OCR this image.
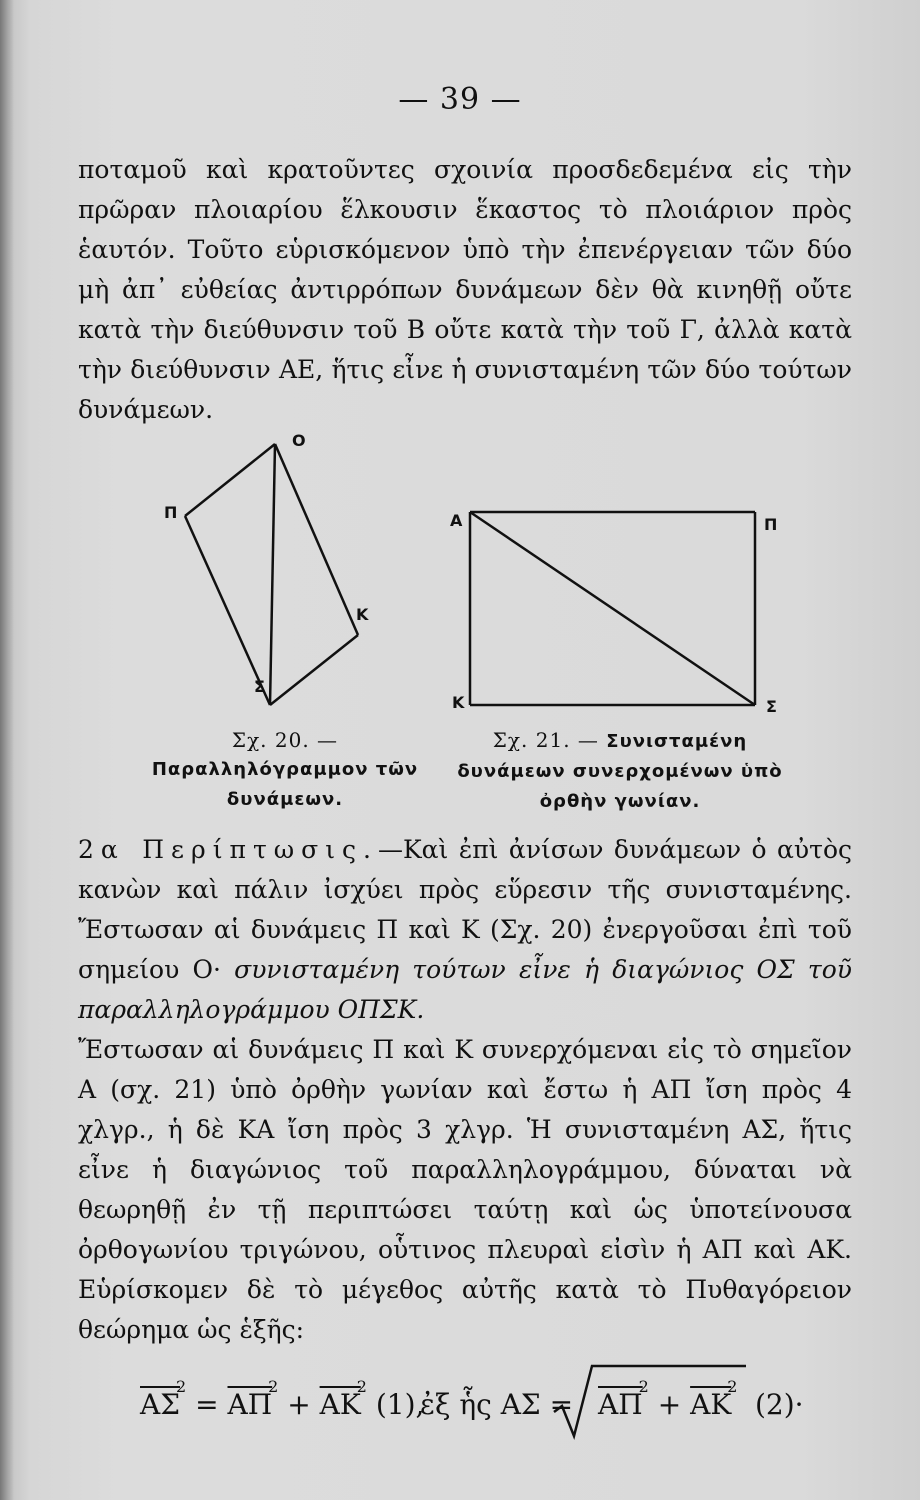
— 39 —
ποταμοῦ καὶ κρατοῦντες σχοινία προσδεδεμένα εἰς τὴν πρῶραν πλοιαρίου ἕλκουσιν ἕκαστος τὸ πλοιάριον πρὸς ἑαυτόν. Τοῦτο εὑρισκόμενον ὑπὸ τὴν ἐπενέργειαν τῶν δύο μὴ ἀπ᾽ εὐθείας ἀντιρρόπων δυνάμεων δὲν θὰ κινηθῇ οὔτε κατὰ τὴν διεύθυνσιν τοῦ Β οὔτε κατὰ τὴν τοῦ Γ, ἀλλὰ κατὰ τὴν διεύθυνσιν ΑΕ, ἥτις εἶνε ἡ συνισταμένη τῶν δύο τούτων δυνάμεων.
O
Π
Κ
Σ
Α	Π
Κ	Σ
Σχ. 20. — Παραλληλόγραμμον τῶν δυνάμεων.
Σχ. 21. — Συνισταμένη δυνάμεων συνερχομένων ὑπὸ ὀρθὴν γωνίαν.
2α Περίπτωσις.—Καὶ ἐπὶ ἀνίσων δυνάμεων ὁ αὐτὸς κανὼν καὶ πάλιν ἰσχύει πρὸς εὕρεσιν τῆς συνισταμένης. Ἔστωσαν αἱ δυνάμεις Π καὶ Κ (Σχ. 20) ἐνεργοῦσαι ἐπὶ τοῦ σημείου Ο· συνισταμένη τούτων εἶνε ἡ διαγώνιος ΟΣ τοῦ παραλληλογράμμου ΟΠΣΚ.
Ἔστωσαν αἱ δυνάμεις Π καὶ Κ συνερχόμεναι εἰς τὸ σημεῖον Α (σχ. 21) ὑπὸ ὀρθὴν γωνίαν καὶ ἔστω ἡ ΑΠ ἴση πρὸς 4 χλγρ., ἡ δὲ ΚΑ ἴση πρὸς 3 χλγρ. Ἡ συνισταμένη ΑΣ, ἥτις εἶνε ἡ διαγώνιος τοῦ παραλληλογράμμου, δύναται νὰ θεωρηθῇ ἐν τῇ περιπτώσει ταύτῃ καὶ ὡς ὑποτείνουσα ὀρθογωνίου τριγώνου, οὗτινος πλευραὶ εἰσὶν ἡ ΑΠ καὶ ΑΚ. Εὑρίσκομεν δὲ τὸ μέγεθος αὐτῆς κατὰ τὸ Πυθαγόρειον θεώρημα ὡς ἑξῆς:
$\overline{A\Sigma}^2 = \overline{A\Pi}^2 + \overline{AK}^2$ (1),
ἐξ ἧς $A\Sigma = \overline{A\Pi}^2 + \overline{AK}^2$
(2)·
